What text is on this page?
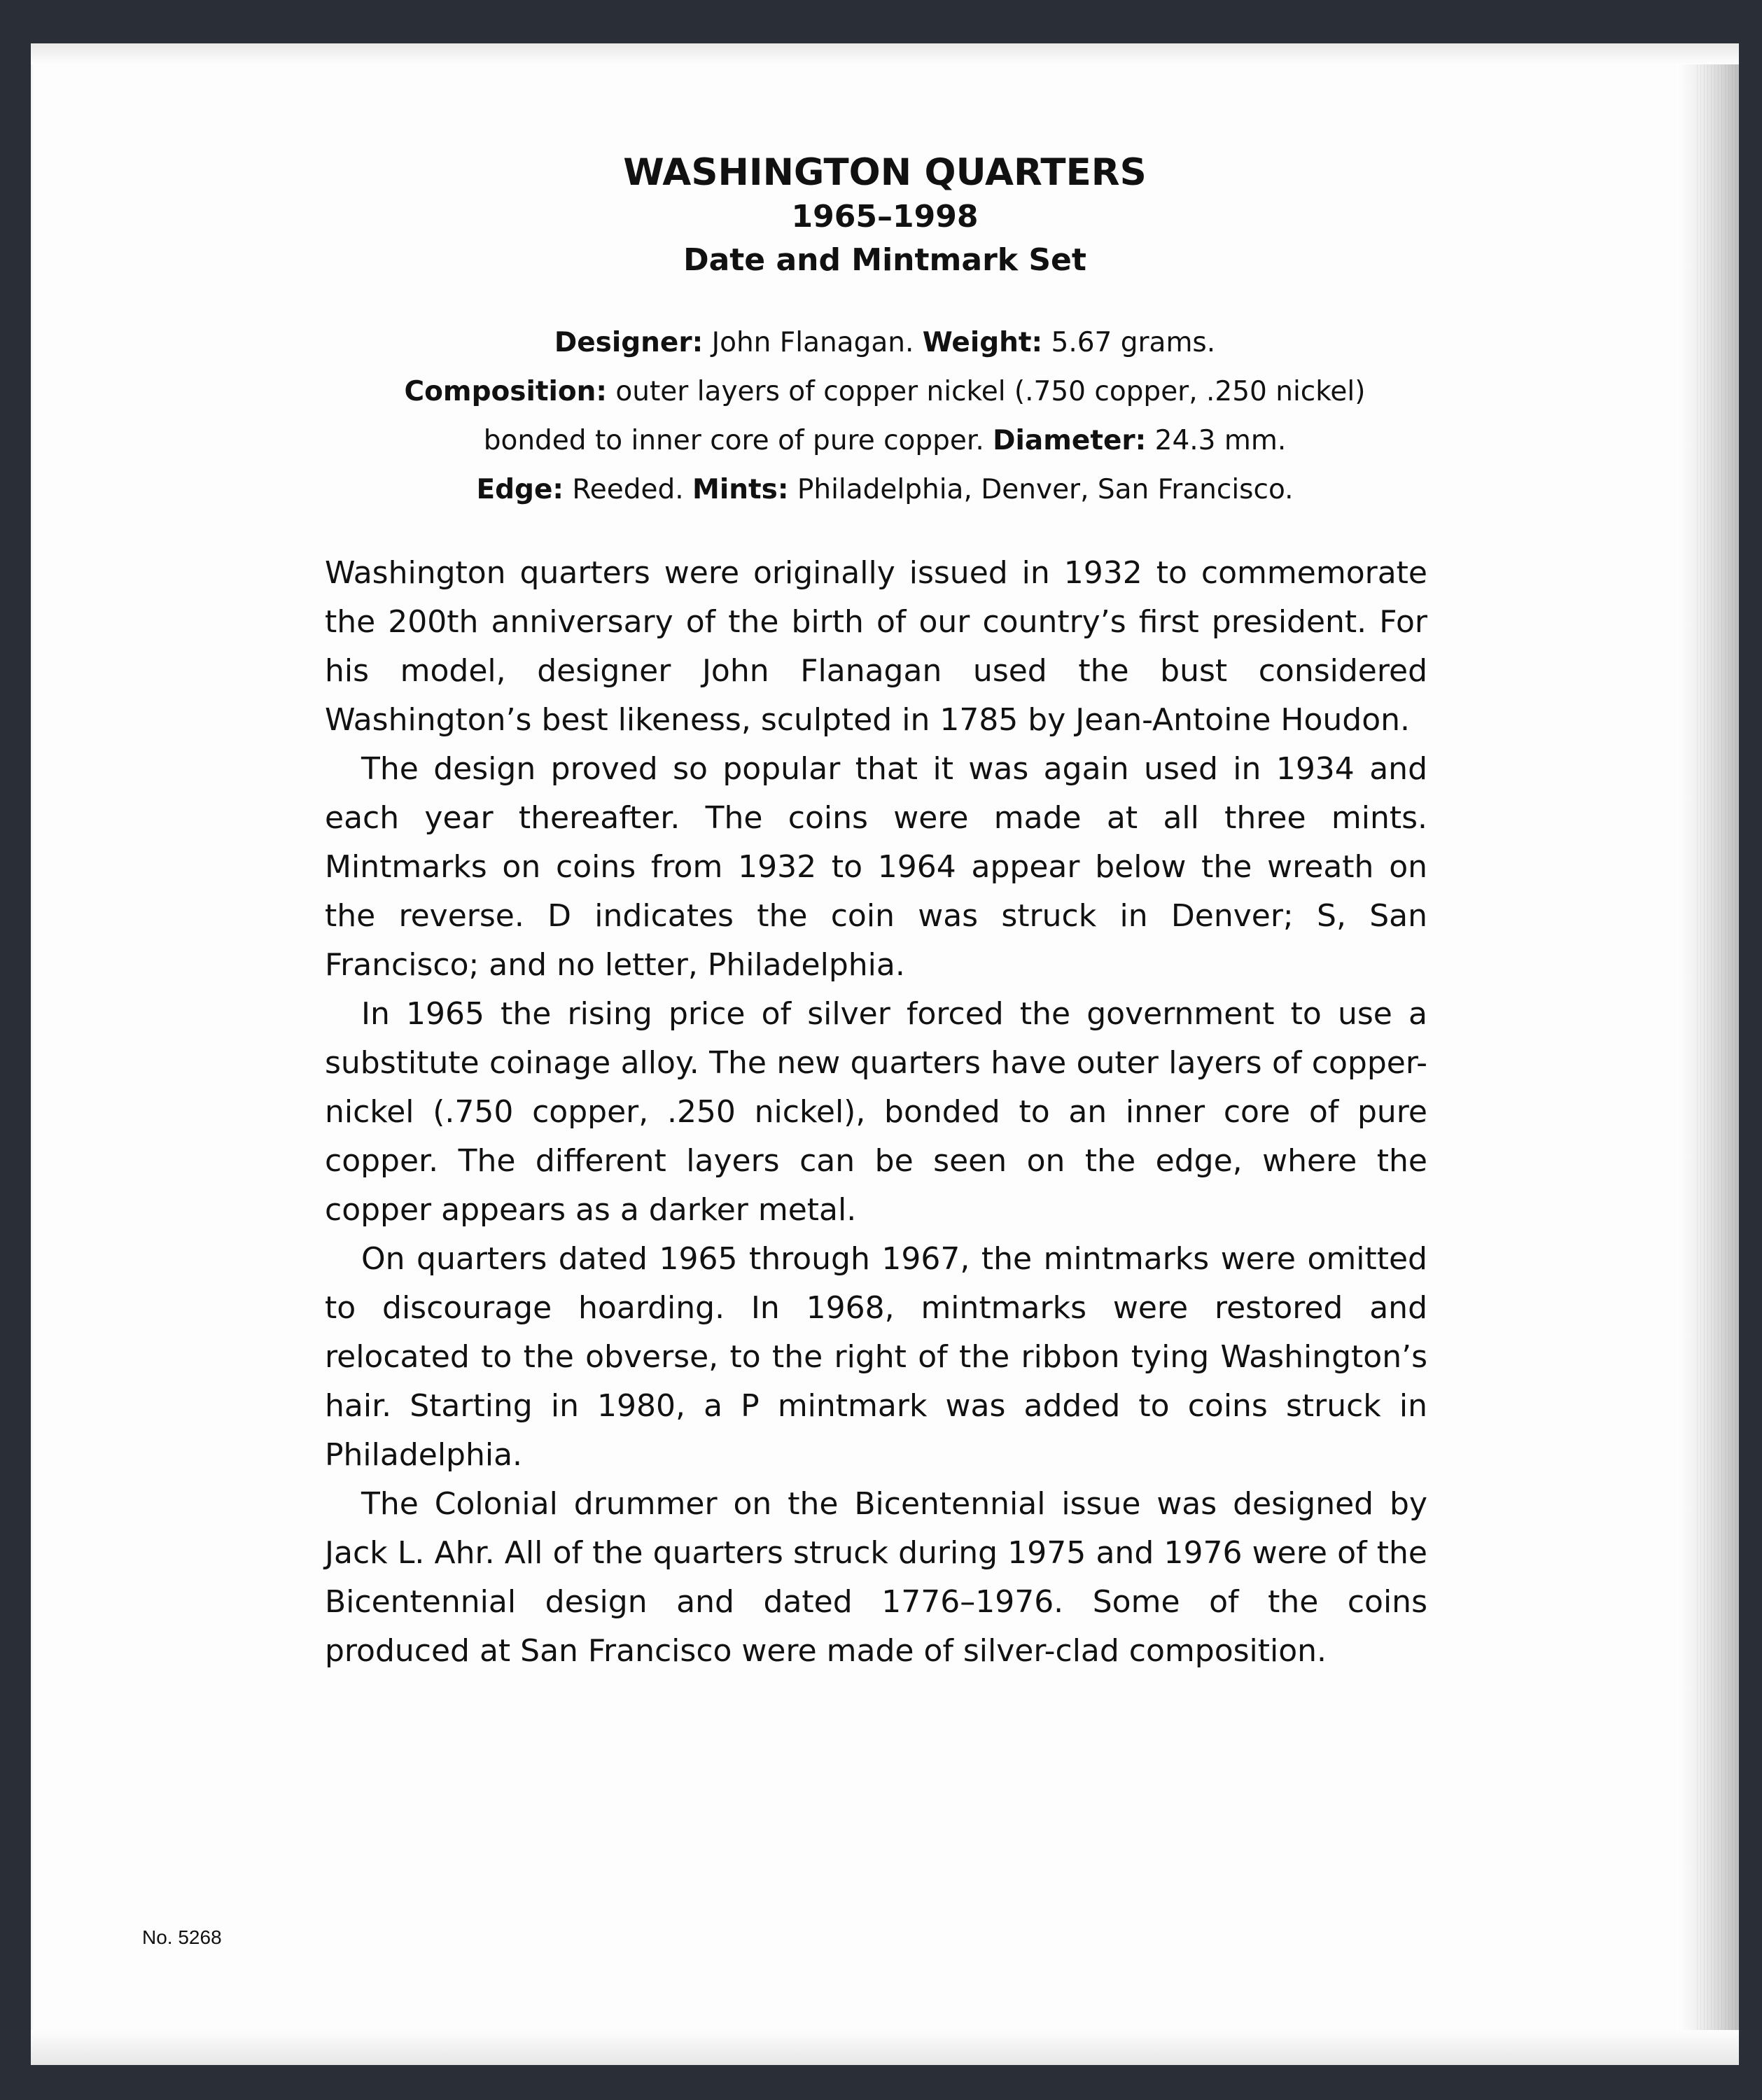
WASHINGTON QUARTERS
1965–1998
Date and Mintmark Set
Designer: John Flanagan. Weight: 5.67 grams.
Composition: outer layers of copper nickel (.750 copper, .250 nickel)
bonded to inner core of pure copper. Diameter: 24.3 mm.
Edge: Reeded. Mints: Philadelphia, Denver, San Francisco.

Washington quarters were originally issued in 1932 to commemorate the 200th anniversary of the birth of our country’s first president. For his model, designer John Flanagan used the bust considered Washington’s best likeness, sculpted in 1785 by Jean-Antoine Houdon.

The design proved so popular that it was again used in 1934 and each year thereafter. The coins were made at all three mints. Mintmarks on coins from 1932 to 1964 appear below the wreath on the reverse. D indicates the coin was struck in Denver; S, San Francisco; and no letter, Philadelphia.

In 1965 the rising price of silver forced the government to use a substitute coinage alloy. The new quarters have outer layers of copper-nickel (.750 copper, .250 nickel), bonded to an inner core of pure copper. The different layers can be seen on the edge, where the copper appears as a darker metal.

On quarters dated 1965 through 1967, the mintmarks were omitted to discourage hoarding. In 1968, mintmarks were restored and relocated to the obverse, to the right of the ribbon tying Washington’s hair. Starting in 1980, a P mintmark was added to coins struck in Philadelphia.

The Colonial drummer on the Bicentennial issue was designed by Jack L. Ahr. All of the quarters struck during 1975 and 1976 were of the Bicentennial design and dated 1776–1976. Some of the coins produced at San Francisco were made of silver-clad composition.

No. 5268
